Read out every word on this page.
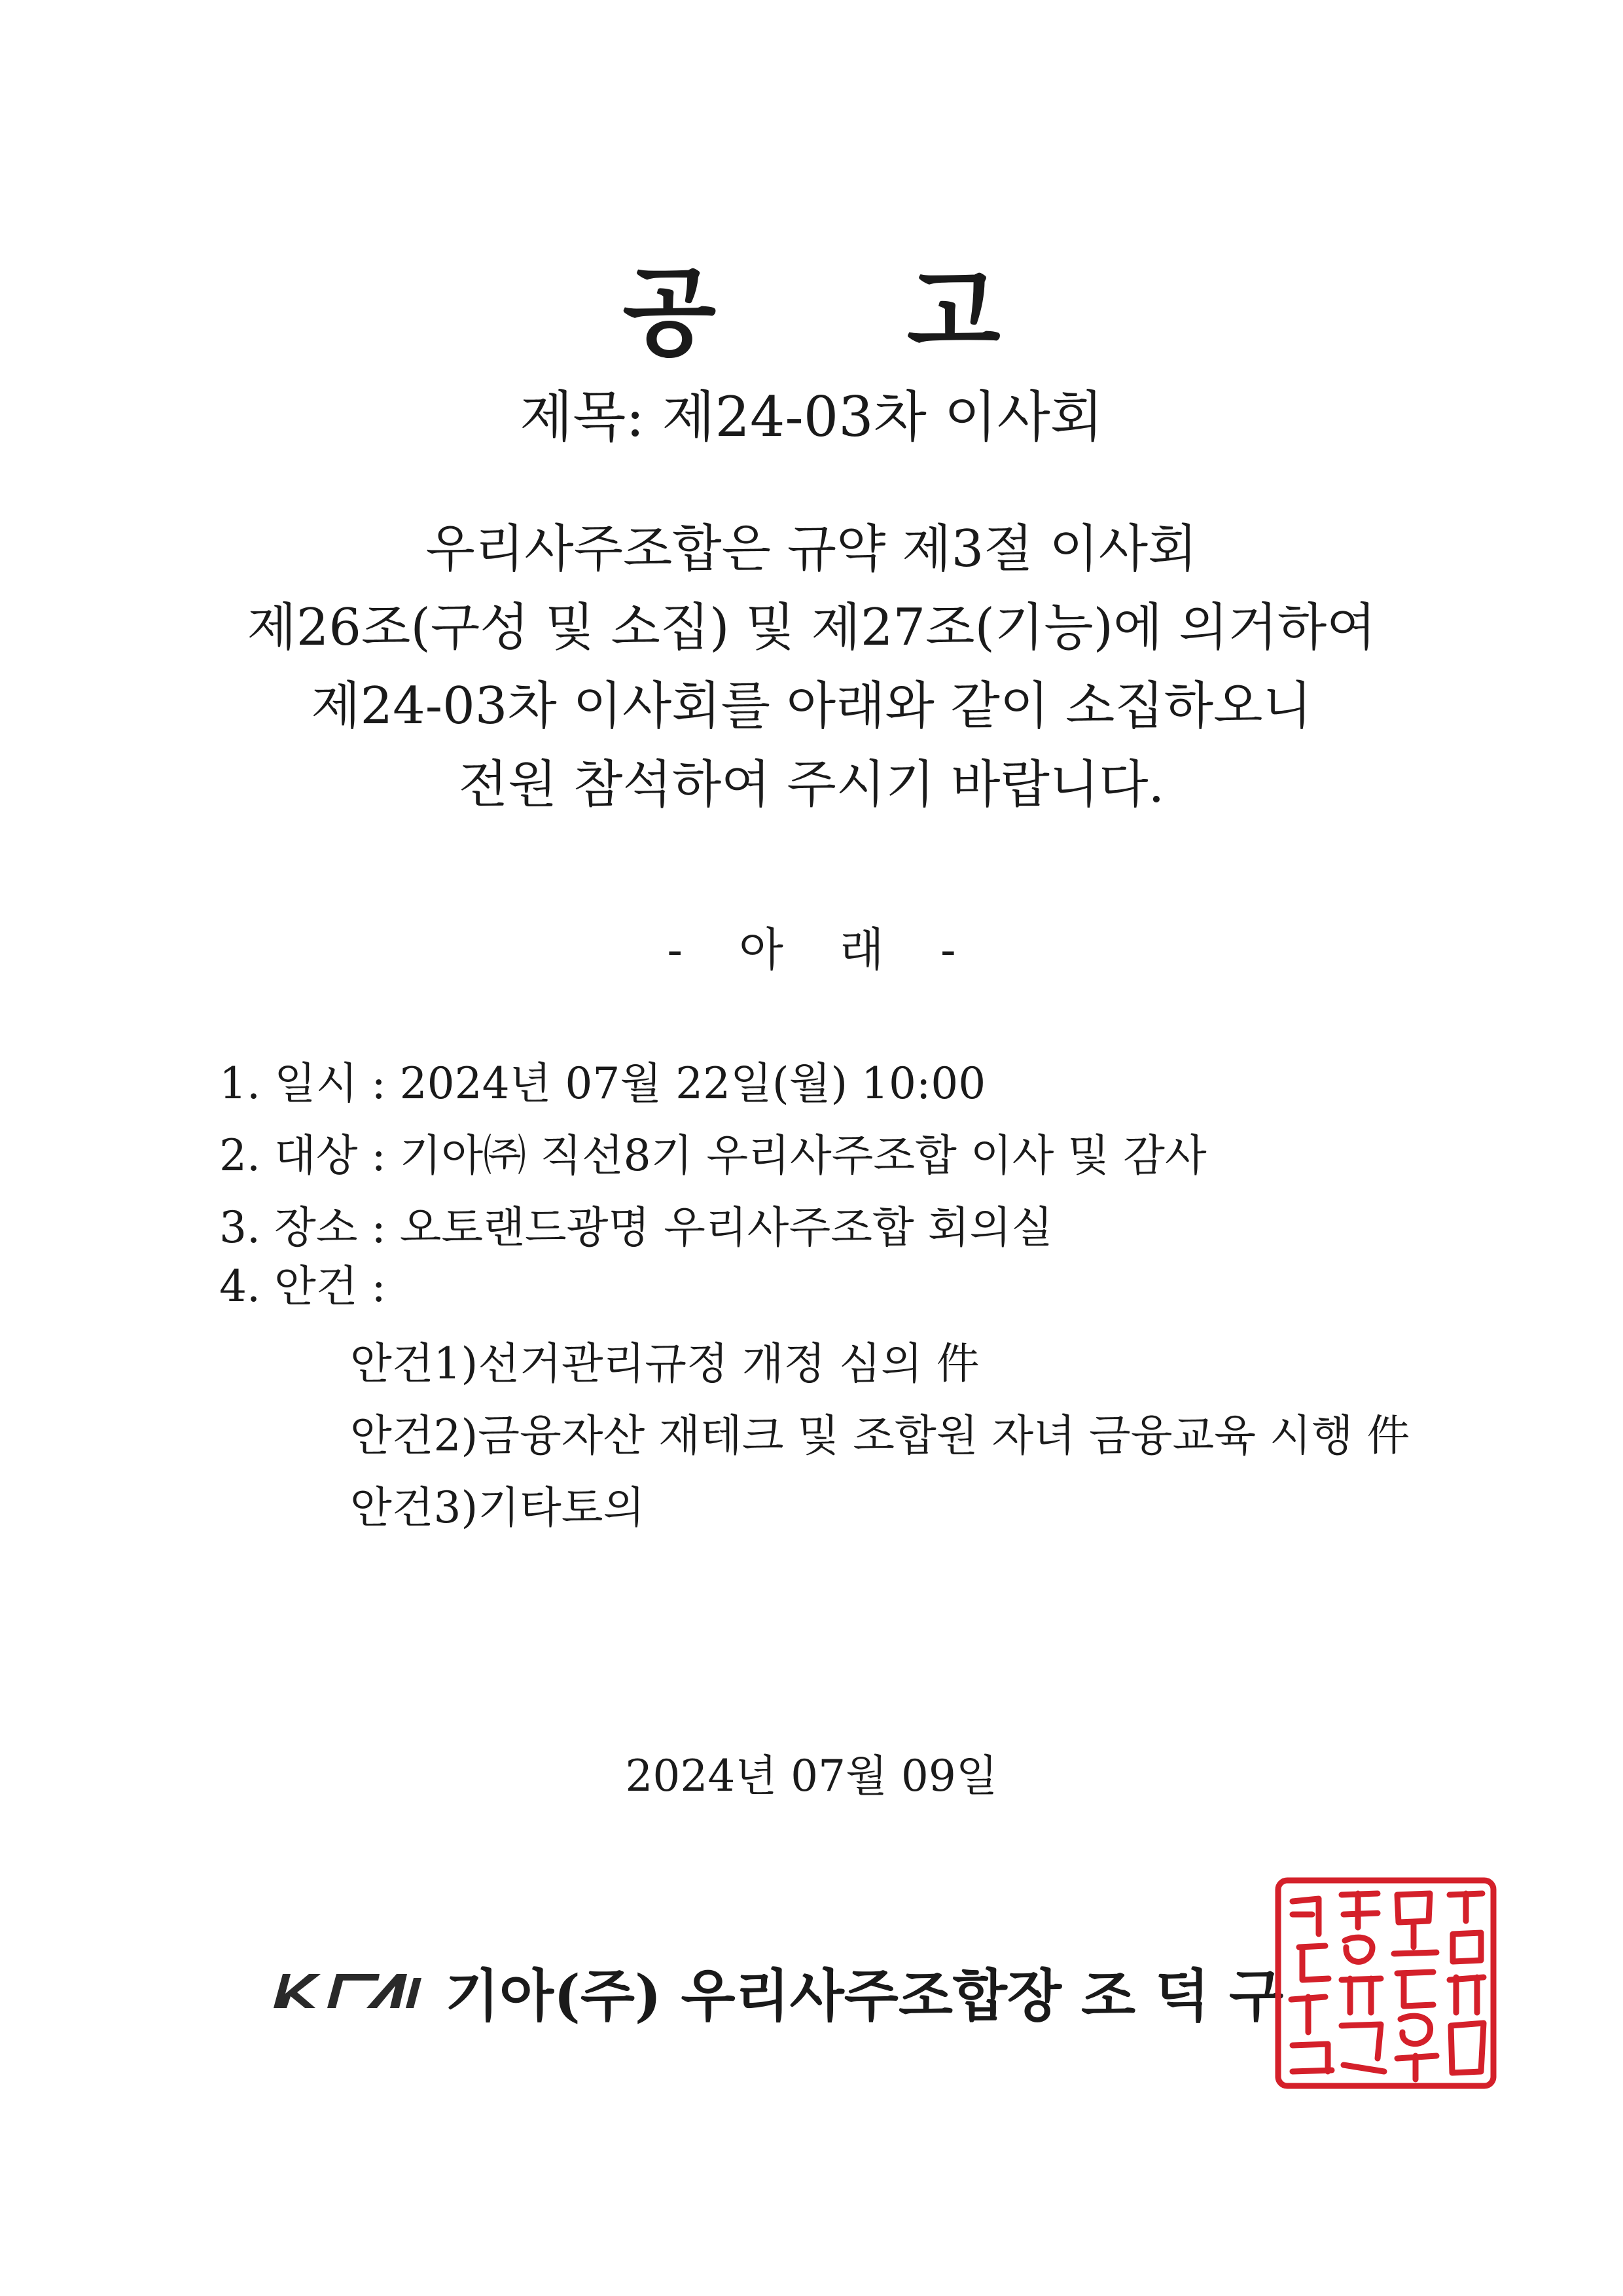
공 고
제목: 제24-03차 이사회
우리사주조합은 규약 제3절 이사회
제26조(구성 및 소집) 및 제27조(기능)에 의거하여
제24-03차 이사회를 아래와 같이 소집하오니
전원 참석하여 주시기 바랍니다.
- 아 래 -
1. 일시 : 2024년 07월 22일(월) 10:00
2. 대상 : 기아㈜ 직선8기 우리사주조합 이사 및 감사
3. 장소 : 오토랜드광명 우리사주조합 회의실
4. 안건 :
안건1)선거관리규정 개정 심의 件
안건2)금융자산 재테크 및 조합원 자녀 금융교육 시행 件
안건3)기타토의
2024년 07월 09일
기아(주) 우리사주조합장 조 덕 구
